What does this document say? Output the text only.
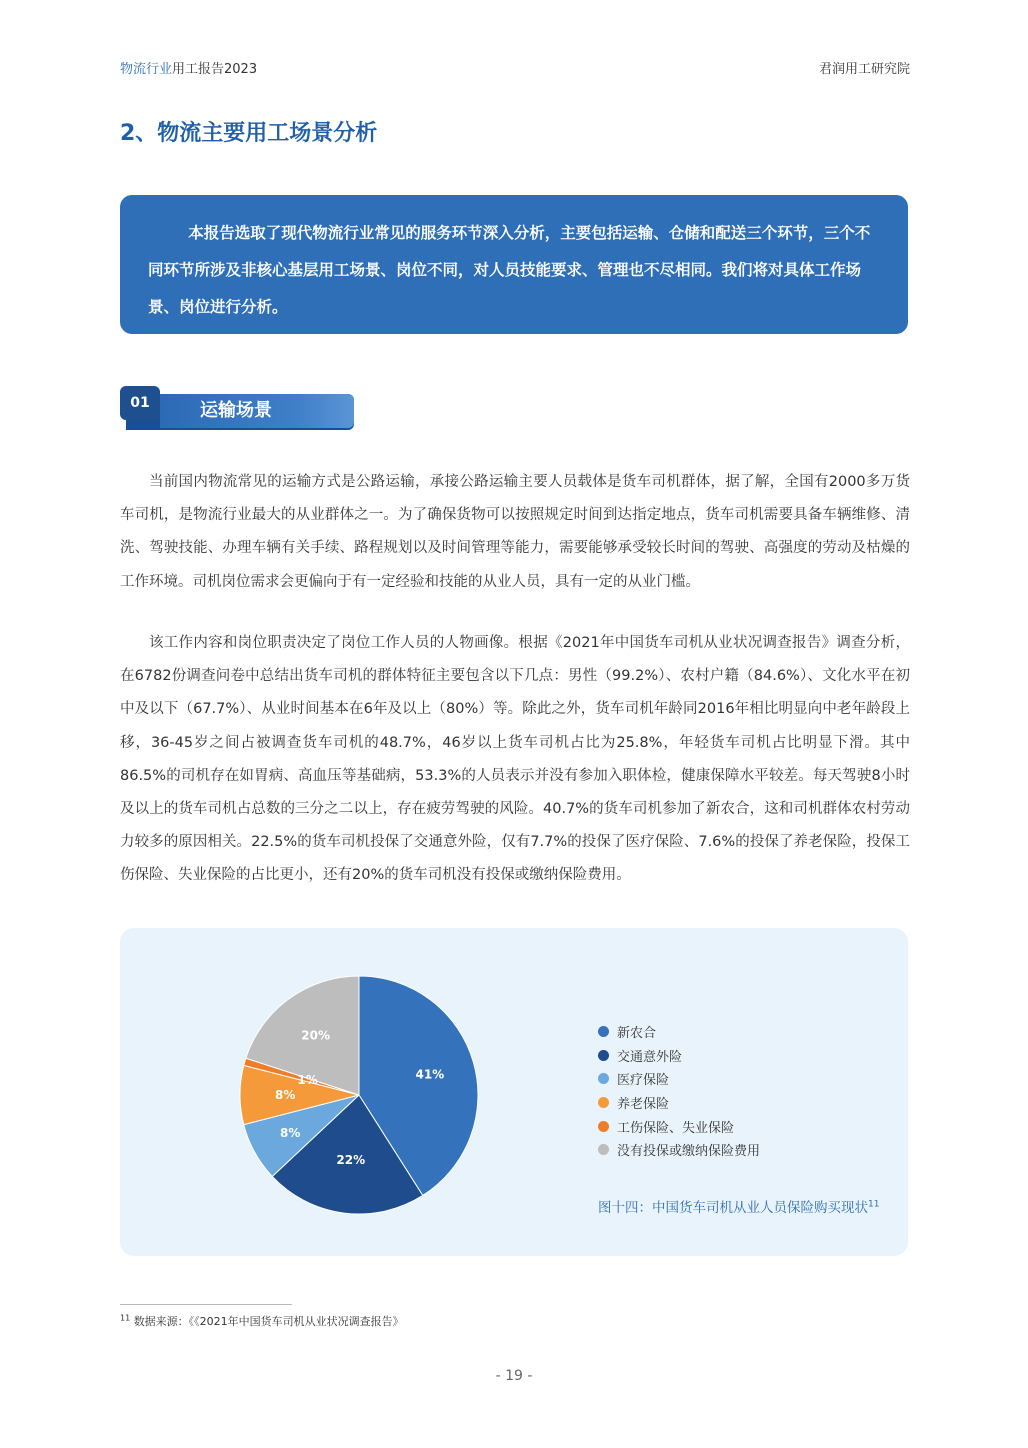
物流行业用工报告2023	君润用工研究院
2、物流主要用工场景分析
本报告选取了现代物流行业常见的服务环节深入分析，主要包括运输、仓储和配送三个环节，三个不同环节所涉及非核心基层用工场景、岗位不同，对人员技能要求、管理也不尽相同。我们将对具体工作场景、岗位进行分析。
01	运输场景

当前国内物流常见的运输方式是公路运输，承接公路运输主要人员载体是货车司机群体，据了解，全国有2000多万货车司机，是物流行业最大的从业群体之一。为了确保货物可以按照规定时间到达指定地点，货车司机需要具备车辆维修、清洗、驾驶技能、办理车辆有关手续、路程规划以及时间管理等能力，需要能够承受较长时间的驾驶、高强度的劳动及枯燥的工作环境。司机岗位需求会更偏向于有一定经验和技能的从业人员，具有一定的从业门槛。

该工作内容和岗位职责决定了岗位工作人员的人物画像。根据《2021年中国货车司机从业状况调查报告》调查分析，在6782份调查问卷中总结出货车司机的群体特征主要包含以下几点：男性（99.2%）、农村户籍（84.6%）、文化水平在初中及以下（67.7%）、从业时间基本在6年及以上（80%）等。除此之外，货车司机年龄同2016年相比明显向中老年龄段上移，36-45岁之间占被调查货车司机的48.7%，46岁以上货车司机占比为25.8%，年轻货车司机占比明显下滑。其中86.5%的司机存在如胃病、高血压等基础病，53.3%的人员表示并没有参加入职体检，健康保障水平较差。每天驾驶8小时及以上的货车司机占总数的三分之二以上，存在疲劳驾驶的风险。40.7%的货车司机参加了新农合，这和司机群体农村劳动力较多的原因相关。22.5%的货车司机投保了交通意外险，仅有7.7%的投保了医疗保险、7.6%的投保了养老保险，投保工伤保险、失业保险的占比更小，还有20%的货车司机没有投保或缴纳保险费用。

41%
22%
8%
8%
1%
20%	新农合
交通意外险
医疗保险
养老保险
工伤保险、失业保险
没有投保或缴纳保险费用
图十四：中国货车司机从业人员保险购买现状$^{11}$
$^{11}$ 数据来源：《《2021年中国货车司机从业状况调查报告》
- 19 -
